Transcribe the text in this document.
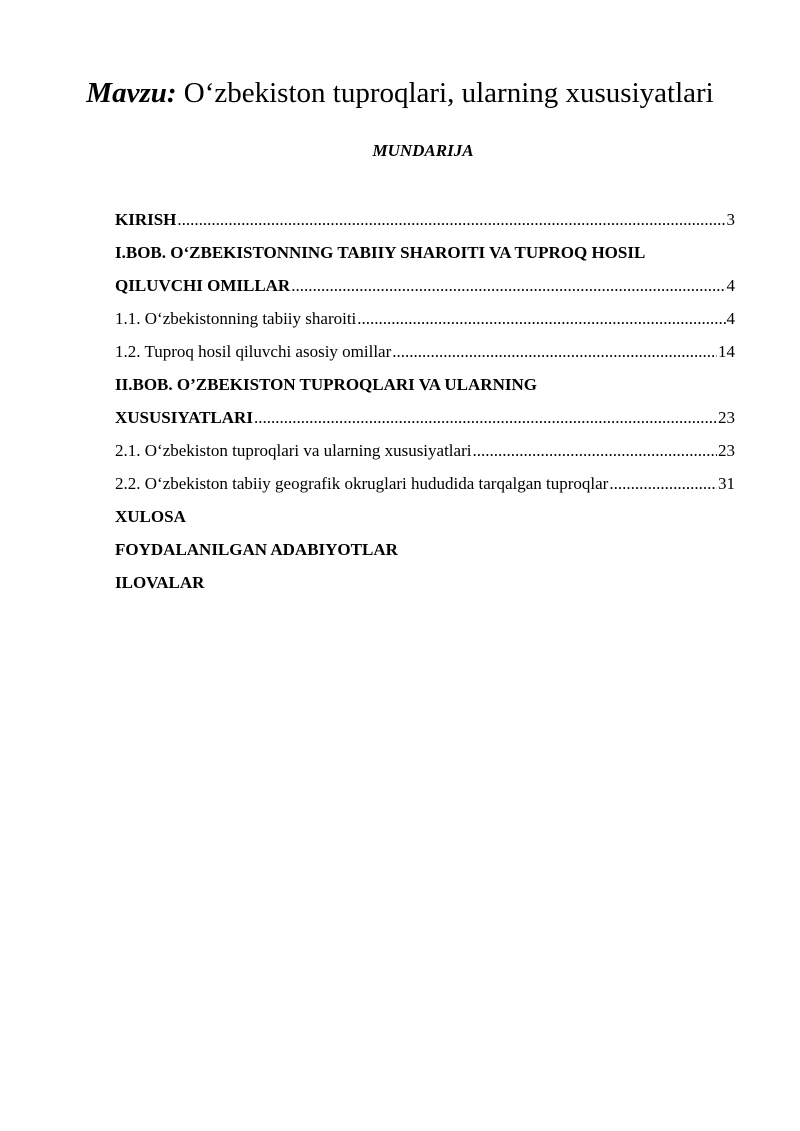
Mavzu: O‘zbekiston tuproqlari, ularning xususiyatlari
MUNDARIJA
KIRISH .....	3
I.BOB. O‘ZBEKISTONNING TABIIY SHAROITI VA TUPROQ HOSIL
QILUVCHI OMILLAR .....	4
1.1. O‘zbekistonning tabiiy sharoiti .....	4
1.2. Tuproq hosil qiluvchi asosiy omillar .....	14
II.BOB. O’ZBEKISTON TUPROQLARI VA ULARNING
XUSUSIYATLARI .....	23
2.1. O‘zbekiston tuproqlari va ularning xususiyatlari .....	23
2.2. O‘zbekiston tabiiy geografik okruglari hududida tarqalgan tuproqlar .....	31
XULOSA
FOYDALANILGAN ADABIYOTLAR
ILOVALAR
